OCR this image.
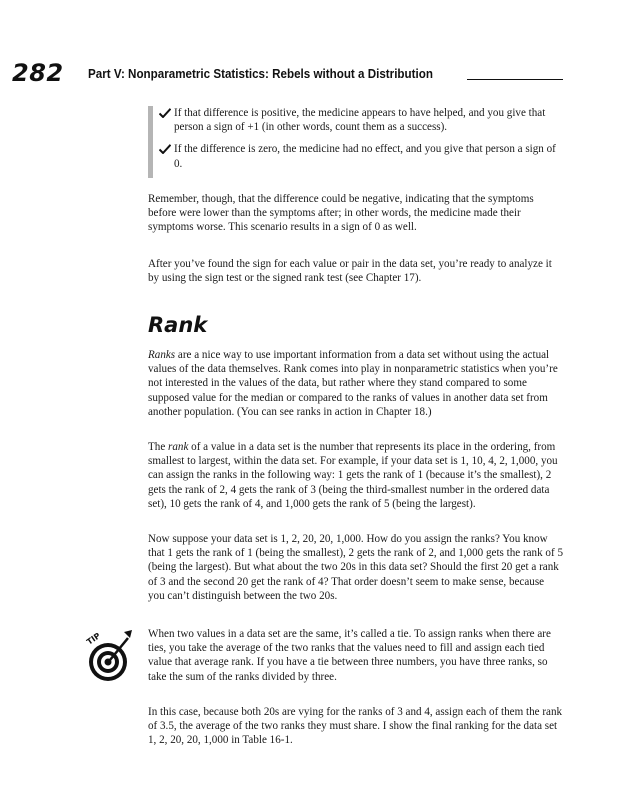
282 Part V: Nonparametric Statistics: Rebels without a Distribution
If that difference is positive, the medicine appears to have helped, and you give that person a sign of +1 (in other words, count them as a success).
If the difference is zero, the medicine had no effect, and you give that person a sign of 0.

Remember, though, that the difference could be negative, indicating that the symptoms before were lower than the symptoms after; in other words, the medicine made their symptoms worse. This scenario results in a sign of 0 as well.

After you’ve found the sign for each value or pair in the data set, you’re ready to analyze it by using the sign test or the signed rank test (see Chapter 17).

Rank

Ranks are a nice way to use important information from a data set without using the actual values of the data themselves. Rank comes into play in nonparametric statistics when you’re not interested in the values of the data, but rather where they stand compared to some supposed value for the median or compared to the ranks of values in another data set from another population. (You can see ranks in action in Chapter 18.)

The rank of a value in a data set is the number that represents its place in the ordering, from smallest to largest, within the data set. For example, if your data set is 1, 10, 4, 2, 1,000, you can assign the ranks in the following way: 1 gets the rank of 1 (because it’s the smallest), 2 gets the rank of 2, 4 gets the rank of 3 (being the third-smallest number in the ordered data set), 10 gets the rank of 4, and 1,000 gets the rank of 5 (being the largest).

Now suppose your data set is 1, 2, 20, 20, 1,000. How do you assign the ranks? You know that 1 gets the rank of 1 (being the smallest), 2 gets the rank of 2, and 1,000 gets the rank of 5 (being the largest). But what about the two 20s in this data set? Should the first 20 get a rank of 3 and the second 20 get the rank of 4? That order doesn’t seem to make sense, because you can’t distinguish between the two 20s.

TIP	When two values in a data set are the same, it’s called a tie. To assign ranks when there are ties, you take the average of the two ranks that the values need to fill and assign each tied value that average rank. If you have a tie between three numbers, you have three ranks, so take the sum of the ranks divided by three.

In this case, because both 20s are vying for the ranks of 3 and 4, assign each of them the rank of 3.5, the average of the two ranks they must share. I show the final ranking for the data set 1, 2, 20, 20, 1,000 in Table 16-1.
